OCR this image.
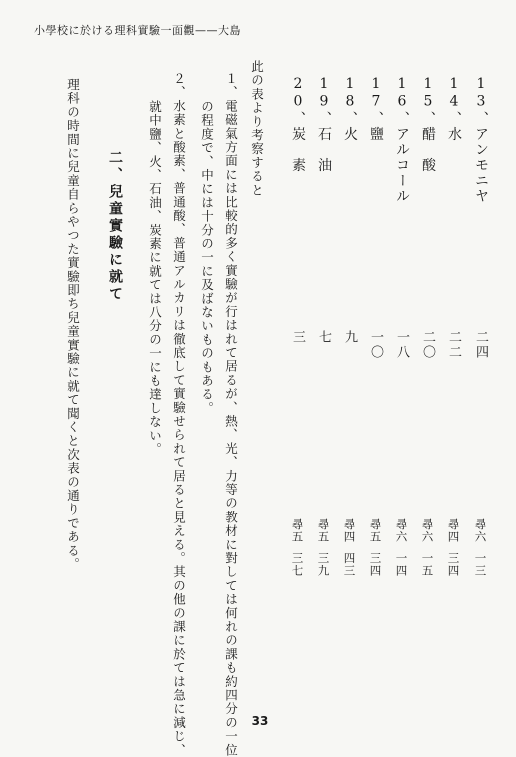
小學校に於ける理科實驗一面觀——大島
13、アンモニヤ
二四
尋六
一三
14、水
二二
尋四
三四
15、醋　酸
二〇
尋六
一五
16、アルコール
一八
尋六
一四
17、鹽
一〇
尋五
三四
18、火
九
尋四
四三
19、石　油
七
尋五
三九
20、炭　素
三
尋五
三七
此の表より考察すると
１、電磁氣方面には比較的多く實驗が行はれて居るが、熱、光、力等の教材に對しては何れの課も約四分の一位
の程度で、中には十分の一に及ばないものもある。
２、水素と酸素、普通酸、普通アルカリは徹底して實驗せられて居ると見える。其の他の課に於ては急に減じ、
就中鹽、火、石油、炭素に就ては八分の一にも達しない。
二、兒童實驗に就て
理科の時間に兒童自らやつた實驗即ち兒童實驗に就て聞くと次表の通りである。
33
